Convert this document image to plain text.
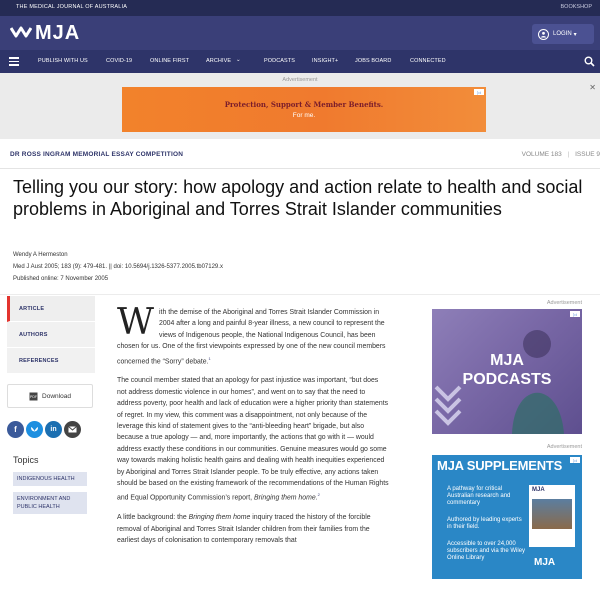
THE MEDICAL JOURNAL OF AUSTRALIA	BOOKSHOP
MJA	LOGIN ▾
PUBLISH WITH US	COVID-19	ONLINE FIRST	ARCHIVE ⌄	PODCASTS	INSIGHT+	JOBS BOARD	CONNECTED
Advertisement
✕
▷i
Protection, Support & Member Benefits.
For me.
DR ROSS INGRAM MEMORIAL ESSAY COMPETITION	VOLUME 183 | ISSUE 9
Telling you our story: how apology and action relate to health and social problems in Aboriginal and Torres Strait Islander communities
Wendy A Hermeston
Med J Aust 2005; 183 (9): 479-481. || doi: 10.5694/j.1326-5377.2005.tb07129.x
Published online: 7 November 2005
ARTICLE
AUTHORS
REFERENCES
PDF Download
f	in
Topics
INDIGENOUS HEALTH
ENVIRONMENT AND PUBLIC HEALTH

With the demise of the Aboriginal and Torres Strait Islander Commission in 2004 after a long and painful 8-year illness, a new council to represent the views of Indigenous people, the National Indigenous Council, has been chosen for us. One of the first viewpoints expressed by one of the new council members concerned the “Sorry” debate.$^1$

The council member stated that an apology for past injustice was important, “but does not address domestic violence in our homes”, and went on to say that the need to address poverty, poor health and lack of education were a higher priority than statements of regret. In my view, this comment was a disappointment, not only because of the leverage this kind of statement gives to the “anti-bleeding heart” brigade, but also because a true apology — and, more importantly, the actions that go with it — would address exactly these conditions in our communities. Genuine measures would go some way towards making holistic health gains and dealing with health inequities experienced by Aboriginal and Torres Strait Islander people. To be truly effective, any actions taken should be based on the existing framework of the recommendations of the Human Rights and Equal Opportunity Commission’s report, Bringing them home.$^2$

A little background: the Bringing them home inquiry traced the history of the forcible removal of Aboriginal and Torres Strait Islander children from their families from the earliest days of colonisation to contemporary removals that

Advertisement
▷i
MJA
PODCASTS
Advertisement
▷i
MJA SUPPLEMENTS
A pathway for critical Australian research and commentary
Authored by leading experts in their field.
Accessible to over 24,000 subscribers and via the Wiley Online Library
MJA
MJA
